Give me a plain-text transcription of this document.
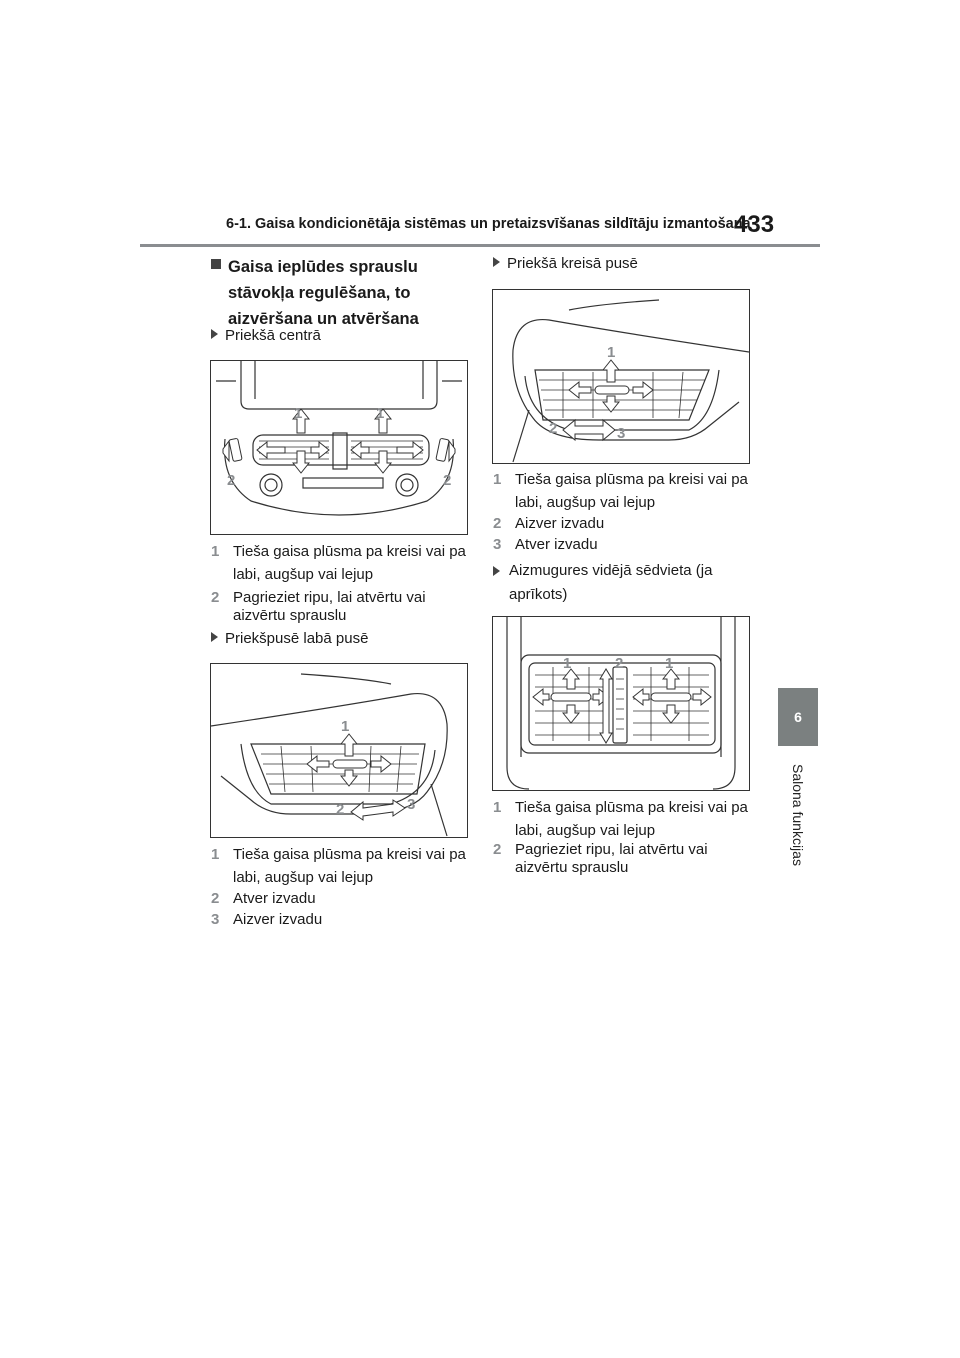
6-1. Gaisa kondicionētāja sistēmas un pretaizsvīšanas sildītāju izmantošana
433
6
Salona funkcijas
Gaisa ieplūdes sprauslu stāvokļa regulēšana, to aizvēršana un atvēršana
Priekšā centrā
1	1
2	2
1 Tieša gaisa plūsma pa kreisi vai pa labi, augšup vai lejup
2 Pagrieziet ripu, lai atvērtu vai aizvērtu sprauslu
Priekšpusē labā pusē
1
2	3
1 Tieša gaisa plūsma pa kreisi vai pa labi, augšup vai lejup
2 Atver izvadu
3 Aizver izvadu
Priekšā kreisā pusē
1
2	3
1 Tieša gaisa plūsma pa kreisi vai pa labi, augšup vai lejup
2 Aizver izvadu
3 Atver izvadu
Aizmugures vidējā sēdvieta (ja aprīkots)
1	2	1
1 Tieša gaisa plūsma pa kreisi vai pa labi, augšup vai lejup
2 Pagrieziet ripu, lai atvērtu vai aizvērtu sprauslu
